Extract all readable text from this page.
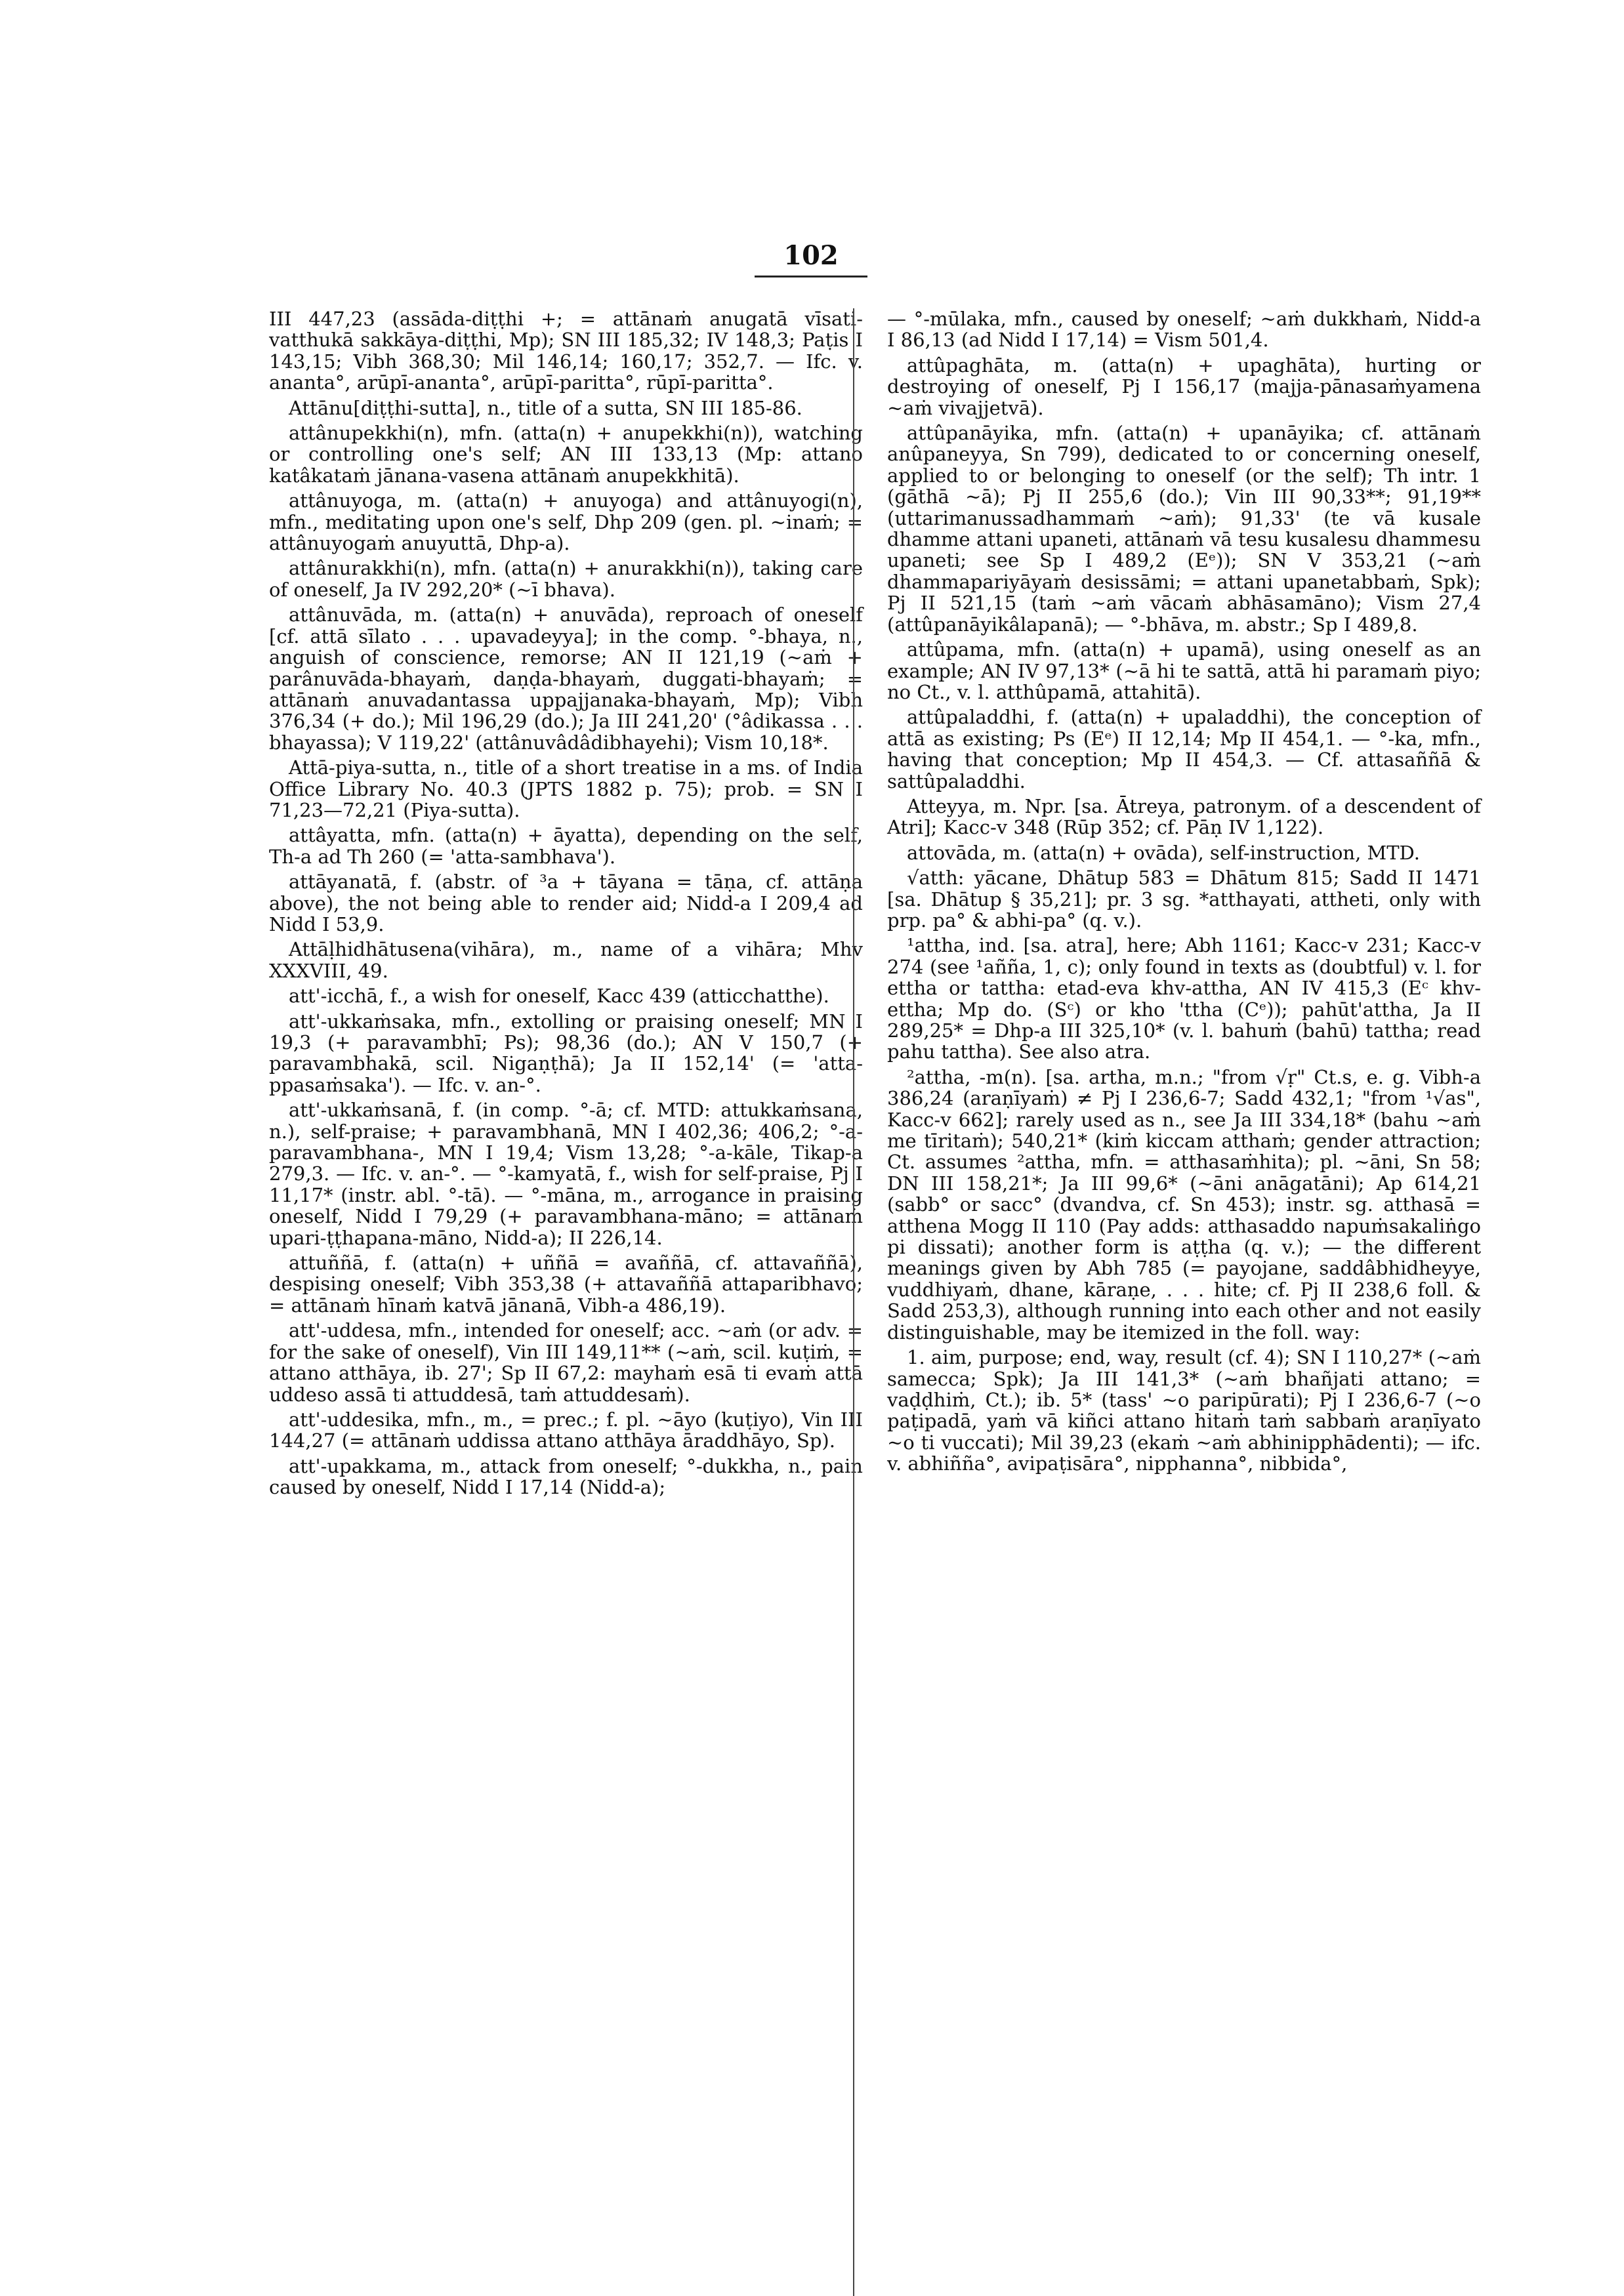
102

III 447,23 (assāda-diṭṭhi +; = attānaṁ anugatā vīsati-vatthukā sakkāya-diṭṭhi, Mp); SN III 185,32; IV 148,3; Paṭis I 143,15; Vibh 368,30; Mil 146,14; 160,17; 352,7. — Ifc. v. ananta°, arūpī-ananta°, arūpī-paritta°, rūpī-paritta°.

Attānu[diṭṭhi-sutta], n., title of a sutta, SN III 185-86.

attânupekkhi(n), mfn. (atta(n) + anupekkhi(n)), watching or controlling one's self; AN III 133,13 (Mp: attano katâkataṁ jānana-vasena attānaṁ anupekkhitā).

attânuyoga, m. (atta(n) + anuyoga) and attânuyogi(n), mfn., meditating upon one's self, Dhp 209 (gen. pl. ~inaṁ; = attânuyogaṁ anuyuttā, Dhp-a).

attânurakkhi(n), mfn. (atta(n) + anurakkhi(n)), taking care of oneself, Ja IV 292,20* (~ī bhava).

attânuvāda, m. (atta(n) + anuvāda), reproach of oneself [cf. attā sīlato . . . upavadeyya]; in the comp. °-bhaya, n., anguish of conscience, remorse; AN II 121,19 (~aṁ + parânuvāda-bhayaṁ, daṇḍa-bhayaṁ, duggati-bhayaṁ; = attānaṁ anuvadantassa uppajjanaka-bhayaṁ, Mp); Vibh 376,34 (+ do.); Mil 196,29 (do.); Ja III 241,20' (°âdikassa . . . bhayassa); V 119,22' (attânuvâdâdibhayehi); Vism 10,18*.

Attā-piya-sutta, n., title of a short treatise in a ms. of India Office Library No. 40.3 (JPTS 1882 p. 75); prob. = SN I 71,23—72,21 (Piya-sutta).

attâyatta, mfn. (atta(n) + āyatta), depending on the self, Th-a ad Th 260 (= 'atta-sambhava').

attāyanatā, f. (abstr. of ³a + tāyana = tāṇa, cf. attāṇa above), the not being able to render aid; Nidd-a I 209,4 ad Nidd I 53,9.

Attāḷhidhātusena(vihāra), m., name of a vihāra; Mhv XXXVIII, 49.

att'-icchā, f., a wish for oneself, Kacc 439 (atticchatthe).

att'-ukkaṁsaka, mfn., extolling or praising oneself; MN I 19,3 (+ paravambhī; Ps); 98,36 (do.); AN V 150,7 (+ paravambhakā, scil. Nigaṇṭhā); Ja II 152,14' (= 'atta-ppasaṁsaka'). — Ifc. v. an-°.

att'-ukkaṁsanā, f. (in comp. °-ā; cf. MTD: attukkaṁsana, n.), self-praise; + paravambhanā, MN I 402,36; 406,2; °-a-paravambhana-, MN I 19,4; Vism 13,28; °-a-kāle, Tikap-a 279,3. — Ifc. v. an-°. — °-kamyatā, f., wish for self-praise, Pj I 11,17* (instr. abl. °-tā). — °-māna, m., arrogance in praising oneself, Nidd I 79,29 (+ paravambhana-māno; = attānaṁ upari-ṭṭhapana-māno, Nidd-a); II 226,14.

attuññā, f. (atta(n) + uññā = avaññā, cf. attavaññā), despising oneself; Vibh 353,38 (+ attavaññā attaparibhavo; = attānaṁ hīnaṁ katvā jānanā, Vibh-a 486,19).

att'-uddesa, mfn., intended for oneself; acc. ~aṁ (or adv. = for the sake of oneself), Vin III 149,11** (~aṁ, scil. kuṭiṁ, = attano atthāya, ib. 27'; Sp II 67,2: mayhaṁ esā ti evaṁ attā uddeso assā ti attuddesā, taṁ attuddesaṁ).

att'-uddesika, mfn., m., = prec.; f. pl. ~āyo (kuṭiyo), Vin III 144,27 (= attānaṁ uddissa attano atthāya āraddhāyo, Sp).

att'-upakkama, m., attack from oneself; °-dukkha, n., pain caused by oneself, Nidd I 17,14 (Nidd-a);

— °-mūlaka, mfn., caused by oneself; ~aṁ dukkhaṁ, Nidd-a I 86,13 (ad Nidd I 17,14) = Vism 501,4.

attûpaghāta, m. (atta(n) + upaghāta), hurting or destroying of oneself, Pj I 156,17 (majja-pānasaṁyamena ~aṁ vivajjetvā).

attûpanāyika, mfn. (atta(n) + upanāyika; cf. attānaṁ anûpaneyya, Sn 799), dedicated to or concerning oneself, applied to or belonging to oneself (or the self); Th intr. 1 (gāthā ~ā); Pj II 255,6 (do.); Vin III 90,33**; 91,19** (uttarimanussadhammaṁ ~aṁ); 91,33' (te vā kusale dhamme attani upaneti, attānaṁ vā tesu kusalesu dhammesu upaneti; see Sp I 489,2 (Eᵉ)); SN V 353,21 (~aṁ dhammapariyāyaṁ desissāmi; = attani upanetabbaṁ, Spk); Pj II 521,15 (taṁ ~aṁ vācaṁ abhāsamāno); Vism 27,4 (attûpanāyikâlapanā); — °-bhāva, m. abstr.; Sp I 489,8.

attûpama, mfn. (atta(n) + upamā), using oneself as an example; AN IV 97,13* (~ā hi te sattā, attā hi paramaṁ piyo; no Ct., v. l. atthûpamā, attahitā).

attûpaladdhi, f. (atta(n) + upaladdhi), the conception of attā as existing; Ps (Eᵉ) II 12,14; Mp II 454,1. — °-ka, mfn., having that conception; Mp II 454,3. — Cf. attasaññā & sattûpaladdhi.

Atteyya, m. Npr. [sa. Ātreya, patronym. of a descendent of Atri]; Kacc-v 348 (Rūp 352; cf. Pāṇ IV 1,122).

attovāda, m. (atta(n) + ovāda), self-instruction, MTD.

√atth: yācane, Dhātup 583 = Dhātum 815; Sadd II 1471 [sa. Dhātup § 35,21]; pr. 3 sg. *atthayati, attheti, only with prp. pa° & abhi-pa° (q. v.).

¹attha, ind. [sa. atra], here; Abh 1161; Kacc-v 231; Kacc-v 274 (see ¹añña, 1, c); only found in texts as (doubtful) v. l. for ettha or tattha: etad-eva khv-attha, AN IV 415,3 (Eᶜ khv-ettha; Mp do. (Sᶜ) or kho 'ttha (Cᵉ)); pahūt'attha, Ja II 289,25* = Dhp-a III 325,10* (v. l. bahuṁ (bahū) tattha; read pahu tattha). See also atra.

²attha, -m(n). [sa. artha, m.n.; "from √ṛ" Ct.s, e. g. Vibh-a 386,24 (araṇīyaṁ) ≠ Pj I 236,6-7; Sadd 432,1; "from ¹√as", Kacc-v 662]; rarely used as n., see Ja III 334,18* (bahu ~aṁ me tīritaṁ); 540,21* (kiṁ kiccam atthaṁ; gender attraction; Ct. assumes ²attha, mfn. = atthasaṁhita); pl. ~āni, Sn 58; DN III 158,21*; Ja III 99,6* (~āni anāgatāni); Ap 614,21 (sabb° or sacc° (dvandva, cf. Sn 453); instr. sg. atthasā = atthena Mogg II 110 (Pay adds: atthasaddo napuṁsakaliṅgo pi dissati); another form is aṭṭha (q. v.); — the different meanings given by Abh 785 (= payojane, saddâbhidheyye, vuddhiyaṁ, dhane, kāraṇe, . . . hite; cf. Pj II 238,6 foll. & Sadd 253,3), although running into each other and not easily distinguishable, may be itemized in the foll. way:

1. aim, purpose; end, way, result (cf. 4); SN I 110,27* (~aṁ samecca; Spk); Ja III 141,3* (~aṁ bhañjati attano; = vaḍḍhiṁ, Ct.); ib. 5* (tass' ~o paripūrati); Pj I 236,6-7 (~o paṭipadā, yaṁ vā kiñci attano hitaṁ taṁ sabbaṁ araṇīyato ~o ti vuccati); Mil 39,23 (ekaṁ ~aṁ abhinipphādenti); — ifc. v. abhiñña°, avipaṭisāra°, nipphanna°, nibbida°,
